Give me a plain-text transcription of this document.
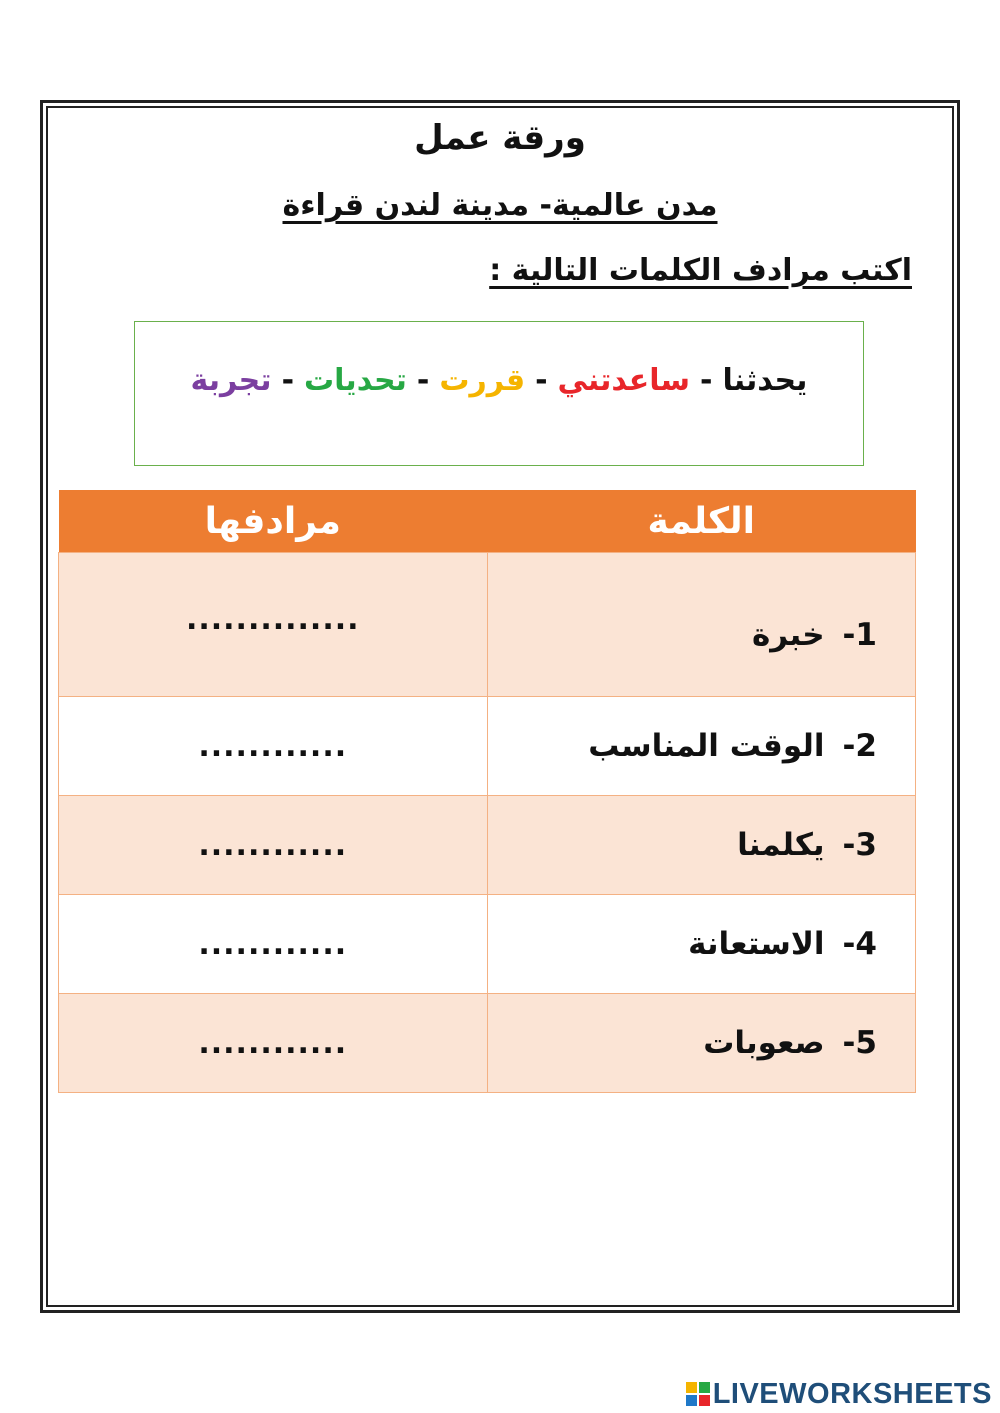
ورقة عمل
مدن عالمية- مدينة لندن قراءة
اكتب مرادف الكلمات التالية :
يحدثنا-ساعدتني-قررت-تحديات-تجربة
الكلمة	مرادفها
1-خبرة	..............
2-الوقت المناسب	............
3-يكلمنا	............
4-الاستعانة	............
5-صعوبات	............
LIVEWORKSHEETS
